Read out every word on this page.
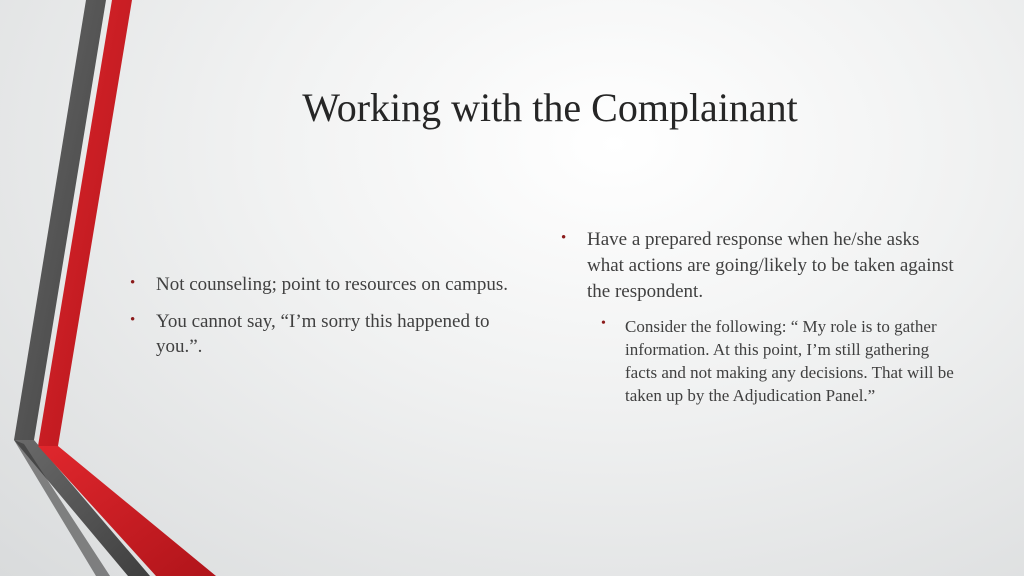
Working with the Complainant
• Not counseling; point to resources on campus.
• You cannot say, “I’m sorry this happened to you.”.
• Have a prepared response when he/she asks what actions are going/likely to be taken against the respondent.
• Consider the following: “ My role is to gather information. At this point, I’m still gathering facts and not making any decisions. That will be taken up by the Adjudication Panel.”
